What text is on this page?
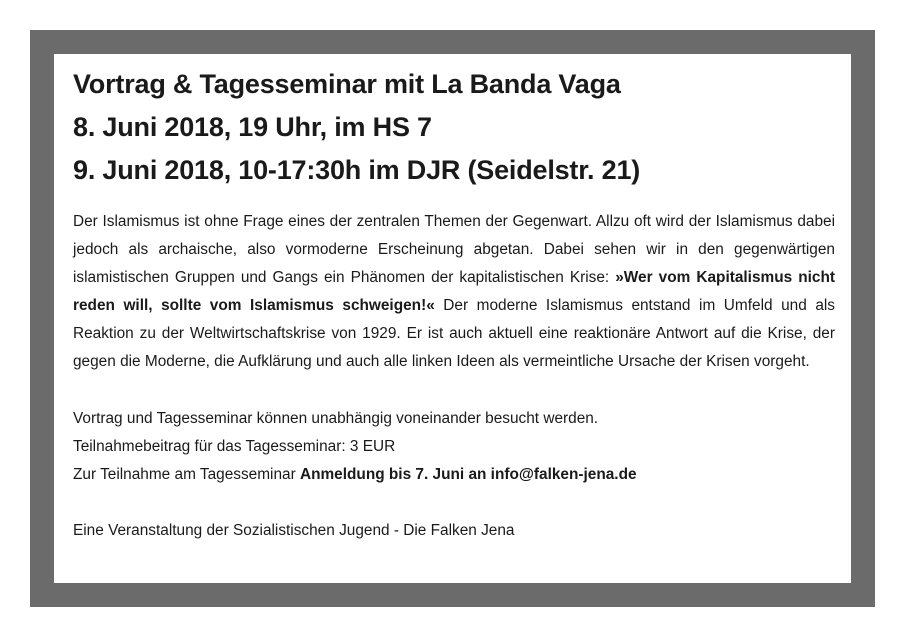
Vortrag & Tagesseminar mit La Banda Vaga
8. Juni 2018, 19 Uhr, im HS 7
9. Juni 2018, 10-17:30h im DJR (Seidelstr. 21)
Der Islamismus ist ohne Frage eines der zentralen Themen der Gegenwart. Allzu oft wird der Islamismus dabei jedoch als archaische, also vormoderne Erscheinung abgetan. Dabei sehen wir in den gegenwärtigen islamistischen Gruppen und Gangs ein Phänomen der kapitalistischen Krise: »Wer vom Kapitalismus nicht reden will, sollte vom Islamismus schweigen!« Der moderne Islamismus entstand im Umfeld und als Reaktion zu der Weltwirtschaftskrise von 1929. Er ist auch aktuell eine reaktionäre Antwort auf die Krise, der gegen die Moderne, die Aufklärung und auch alle linken Ideen als vermeintliche Ursache der Krisen vorgeht.
Vortrag und Tagesseminar können unabhängig voneinander besucht werden.
Teilnahmebeitrag für das Tagesseminar: 3 EUR
Zur Teilnahme am Tagesseminar Anmeldung bis 7. Juni an info@falken-jena.de
Eine Veranstaltung der Sozialistischen Jugend - Die Falken Jena
